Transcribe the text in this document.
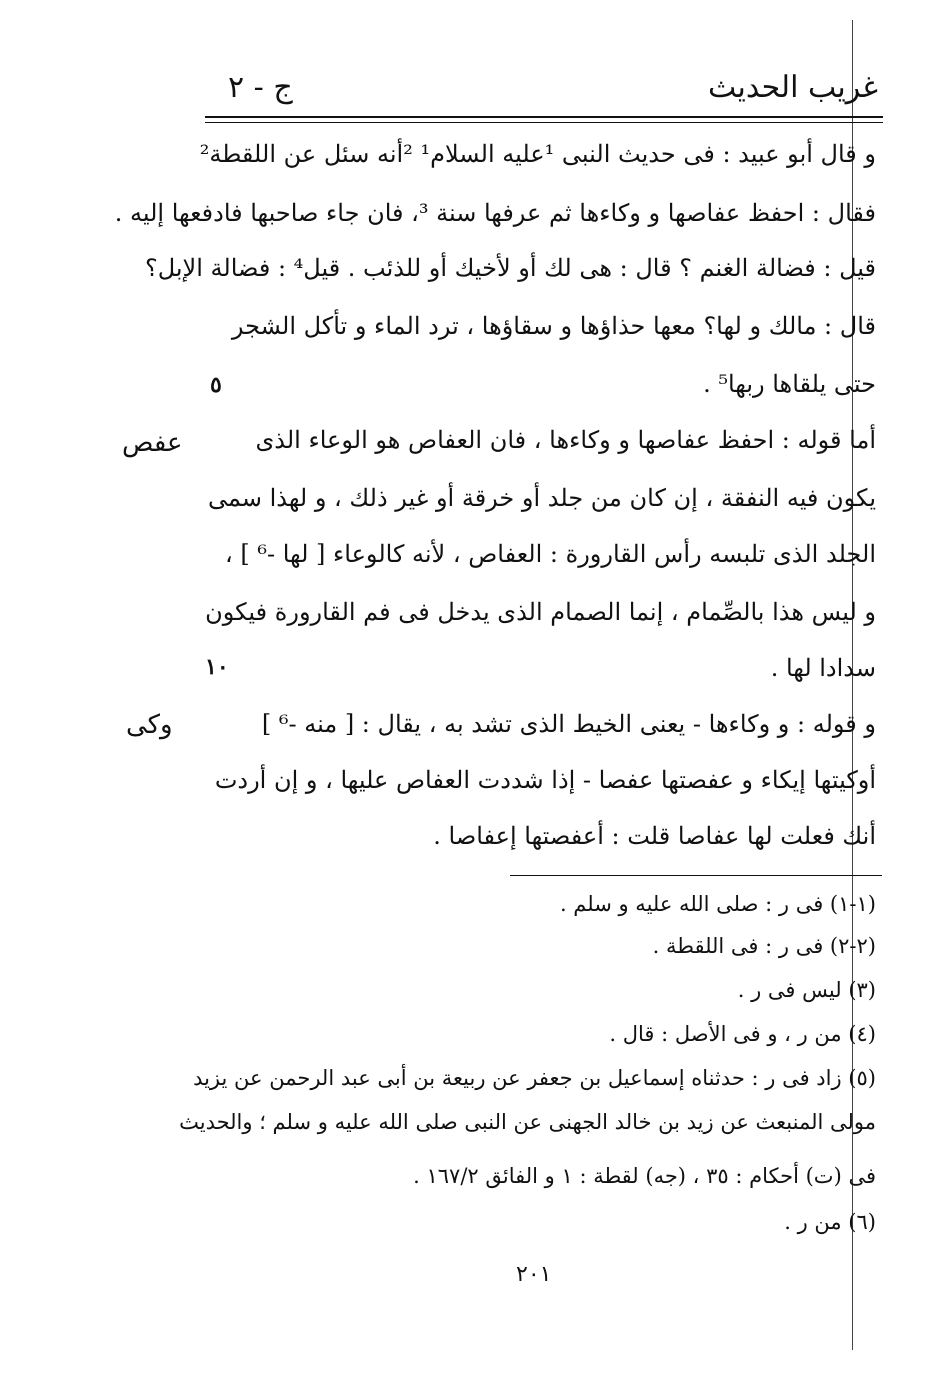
غريب الحديث
ج - ٢
و قال أبو عبيد : فى حديث النبى ¹عليه السلام¹ ²أنه سئل عن اللقطة²
فقال : احفظ عفاصها و وكاءها ثم عرفها سنة ³، فان جاء صاحبها فادفعها إليه .
قيل : فضالة الغنم ؟ قال : هى لك أو لأخيك أو للذئب . قيل⁴ : فضالة الإبل؟
قال : مالك و لها؟ معها حذاؤها و سقاؤها ، ترد الماء و تأكل الشجر
حتى يلقاها ربها⁵ .
أما قوله : احفظ عفاصها و وكاءها ، فان العفاص هو الوعاء الذى
يكون فيه النفقة ، إن كان من جلد أو خرقة أو غير ذلك ، و لهذا سمى
الجلد الذى تلبسه رأس القارورة : العفاص ، لأنه كالوعاء [ لها -⁶ ] ،
و ليس هذا بالصِّمام ، إنما الصمام الذى يدخل فى فم القارورة فيكون
سدادا لها .
و قوله : و وكاءها - يعنى الخيط الذى تشد به ، يقال : [ منه -⁶ ]
أوكيتها إيكاء و عفصتها عفصا - إذا شددت العفاص عليها ، و إن أردت
أنك فعلت لها عفاصا قلت : أعفصتها إعفاصا .
عفص
وكى
٥
١٠
(١-١) فى ر : صلى الله عليه و سلم .
(٢-٢) فى ر : فى اللقطة .
(٣) ليس فى ر .
(٤) من ر ، و فى الأصل : قال .
(٥) زاد فى ر : حدثناه إسماعيل بن جعفر عن ربيعة بن أبى عبد الرحمن عن يزيد
مولى المنبعث عن زيد بن خالد الجهنى عن النبى صلى الله عليه و سلم ؛ والحديث
فى (ت) أحكام : ٣٥ ، (جه) لقطة : ١ و الفائق ١٦٧/٢ .
(٦) من ر .
٢٠١
